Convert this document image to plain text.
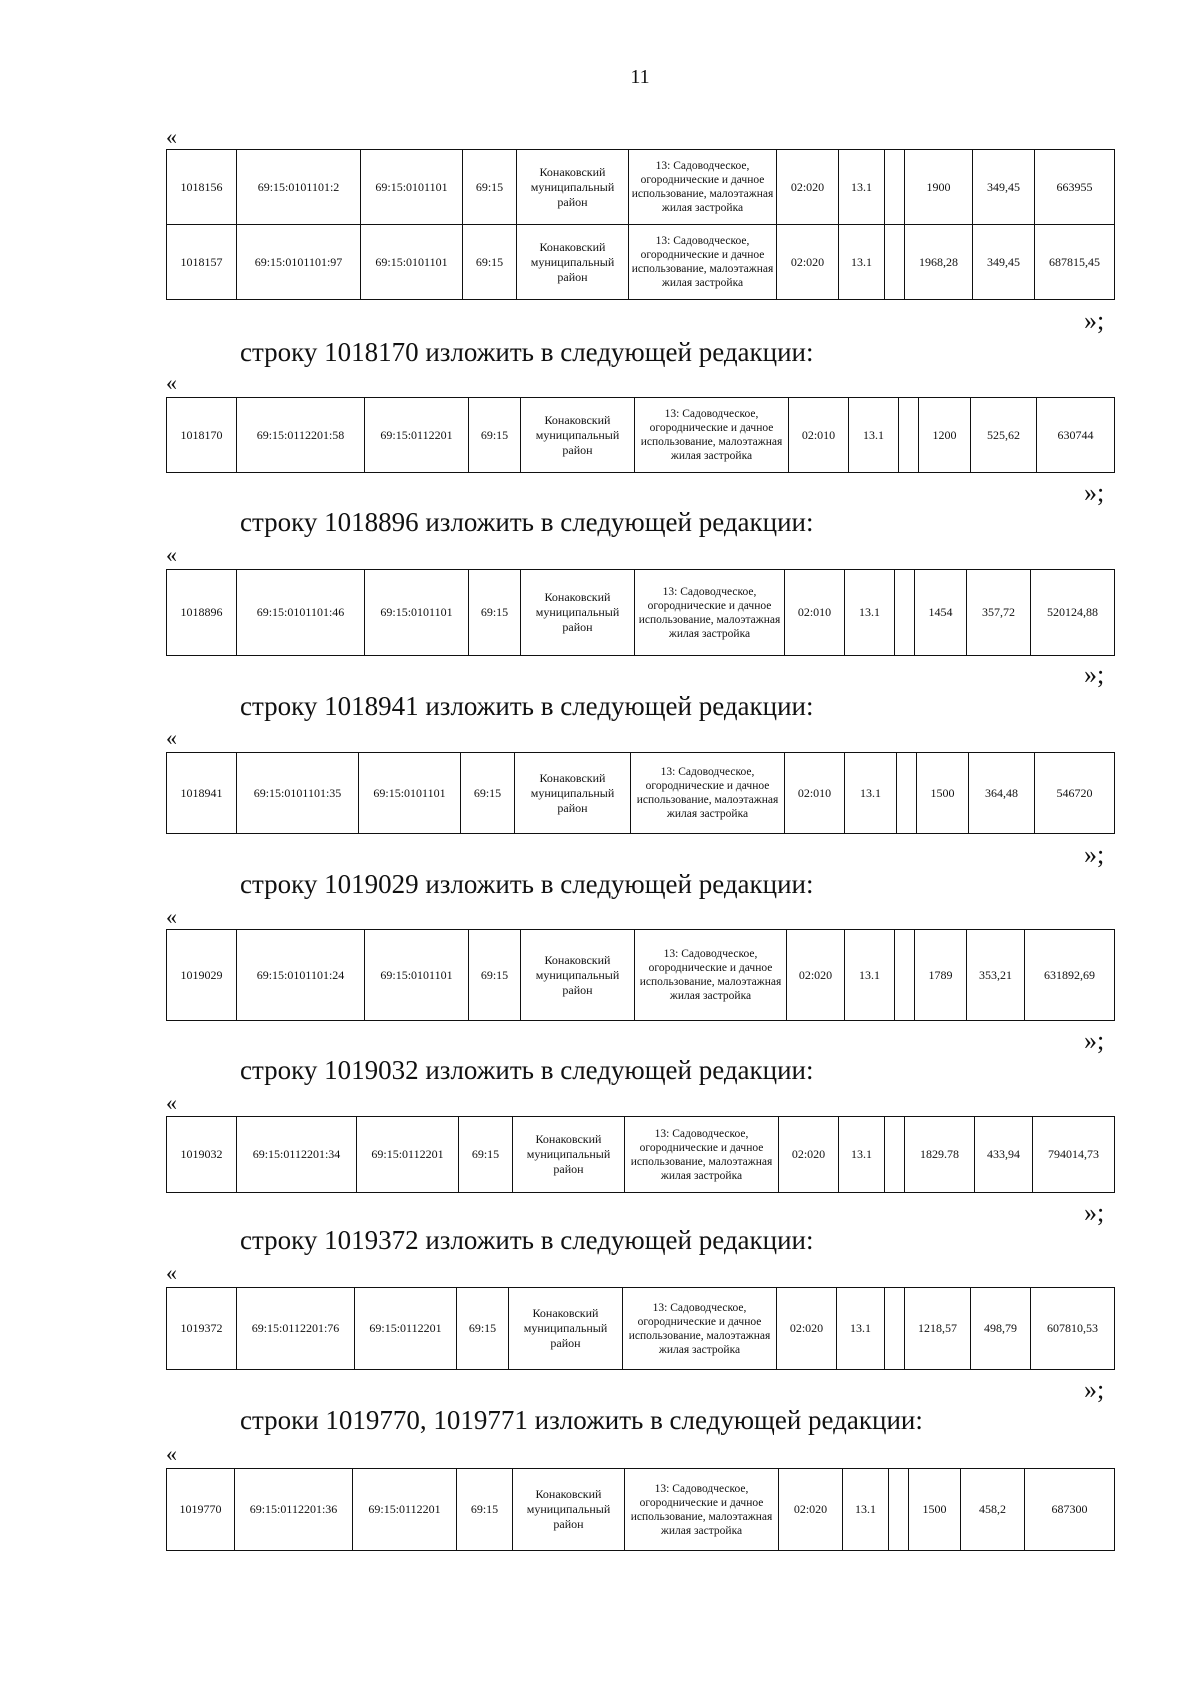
11
«
1018156	69:15:0101101:2	69:15:0101101	69:15	Конаковский муниципальный район	13: Садоводческое, огороднические и дачное использование, малоэтажная жилая застройка	02:020	13.1		1900	349,45	663955
1018157	69:15:0101101:97	69:15:0101101	69:15	Конаковский муниципальный район	13: Садоводческое, огороднические и дачное использование, малоэтажная жилая застройка	02:020	13.1		1968,28	349,45	687815,45
»;
строку 1018170 изложить в следующей редакции:
«
1018170	69:15:0112201:58	69:15:0112201	69:15	Конаковский муниципальный район	13: Садоводческое, огороднические и дачное использование, малоэтажная жилая застройка	02:010	13.1		1200	525,62	630744
»;
строку 1018896 изложить в следующей редакции:
«
1018896	69:15:0101101:46	69:15:0101101	69:15	Конаковский муниципальный район	13: Садоводческое, огороднические и дачное использование, малоэтажная жилая застройка	02:010	13.1		1454	357,72	520124,88
»;
строку 1018941 изложить в следующей редакции:
«
1018941	69:15:0101101:35	69:15:0101101	69:15	Конаковский муниципальный район	13: Садоводческое, огороднические и дачное использование, малоэтажная жилая застройка	02:010	13.1		1500	364,48	546720
»;
строку 1019029 изложить в следующей редакции:
«
1019029	69:15:0101101:24	69:15:0101101	69:15	Конаковский муниципальный район	13: Садоводческое, огороднические и дачное использование, малоэтажная жилая застройка	02:020	13.1		1789	353,21	631892,69
»;
строку 1019032 изложить в следующей редакции:
«
1019032	69:15:0112201:34	69:15:0112201	69:15	Конаковский муниципальный район	13: Садоводческое, огороднические и дачное использование, малоэтажная жилая застройка	02:020	13.1		1829.78	433,94	794014,73
»;
строку 1019372 изложить в следующей редакции:
«
1019372	69:15:0112201:76	69:15:0112201	69:15	Конаковский муниципальный район	13: Садоводческое, огороднические и дачное использование, малоэтажная жилая застройка	02:020	13.1		1218,57	498,79	607810,53
»;
строки 1019770, 1019771 изложить в следующей редакции:
«
1019770	69:15:0112201:36	69:15:0112201	69:15	Конаковский муниципальный район	13: Садоводческое, огороднические и дачное использование, малоэтажная жилая застройка	02:020	13.1		1500	458,2	687300
